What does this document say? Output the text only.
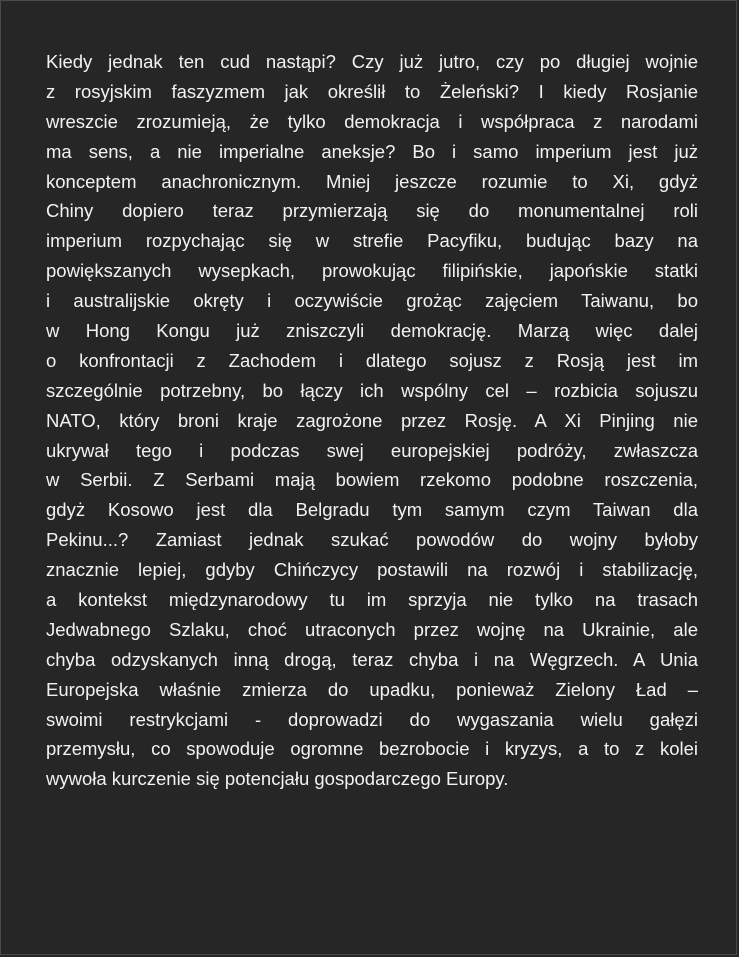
Kiedy jednak ten cud nastąpi? Czy już jutro, czy po długiej wojnie
z rosyjskim faszyzmem jak określił to Żeleński? I kiedy Rosjanie
wreszcie zrozumieją, że tylko demokracja i współpraca z narodami
ma sens, a nie imperialne aneksje? Bo i samo imperium jest już
konceptem anachronicznym. Mniej jeszcze rozumie to Xi, gdyż
Chiny dopiero teraz przymierzają się do monumentalnej roli
imperium rozpychając się w strefie Pacyfiku, budując bazy na
powiększanych wysepkach, prowokując filipińskie, japońskie statki
i australijskie okręty i oczywiście grożąc zajęciem Taiwanu, bo
w Hong Kongu już zniszczyli demokrację. Marzą więc dalej
o konfrontacji z Zachodem i dlatego sojusz z Rosją jest im
szczególnie potrzebny, bo łączy ich wspólny cel – rozbicia sojuszu
NATO, który broni kraje zagrożone przez Rosję. A Xi Pinjing nie
ukrywał tego i podczas swej europejskiej podróży, zwłaszcza
w Serbii. Z Serbami mają bowiem rzekomo podobne roszczenia,
gdyż Kosowo jest dla Belgradu tym samym czym Taiwan dla
Pekinu...? Zamiast jednak szukać powodów do wojny byłoby
znacznie lepiej, gdyby Chińczycy postawili na rozwój i stabilizację,
a kontekst międzynarodowy tu im sprzyja nie tylko na trasach
Jedwabnego Szlaku, choć utraconych przez wojnę na Ukrainie, ale
chyba odzyskanych inną drogą, teraz chyba i na Węgrzech. A Unia
Europejska właśnie zmierza do upadku, ponieważ Zielony Ład –
swoimi restrykcjami - doprowadzi do wygaszania wielu gałęzi
przemysłu, co spowoduje ogromne bezrobocie i kryzys, a to z kolei
wywoła kurczenie się potencjału gospodarczego Europy.
